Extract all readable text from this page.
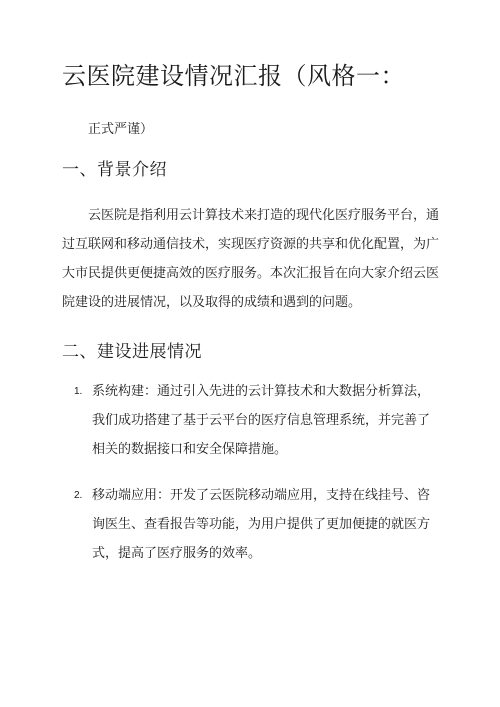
云医院建设情况汇报（风格一：
正式严谨）
一、背景介绍
云医院是指利用云计算技术来打造的现代化医疗服务平台，通
过互联网和移动通信技术，实现医疗资源的共享和优化配置，为广
大市民提供更便捷高效的医疗服务。本次汇报旨在向大家介绍云医
院建设的进展情况，以及取得的成绩和遇到的问题。
二、建设进展情况
1. 系统构建：通过引入先进的云计算技术和大数据分析算法，
我们成功搭建了基于云平台的医疗信息管理系统，并完善了
相关的数据接口和安全保障措施。
2. 移动端应用：开发了云医院移动端应用，支持在线挂号、咨
询医生、查看报告等功能，为用户提供了更加便捷的就医方
式，提高了医疗服务的效率。
